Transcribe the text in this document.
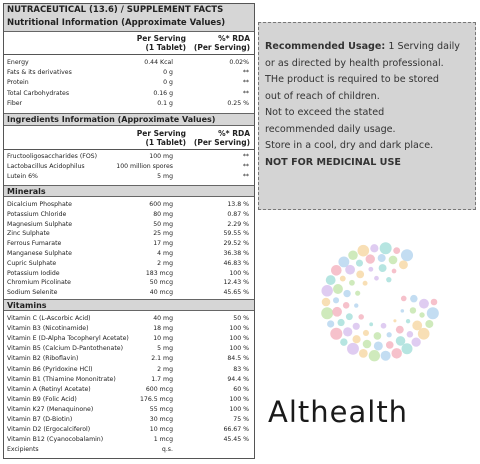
NUTRACEUTICAL (13.6) / SUPPLEMENT FACTS
Nutritional Information (Approximate Values)
Per Serving	%* RDA
(1 Tablet)	(Per Serving)
Energy	0.44 Kcal	0.02%
Fats & its derivatives	0 g	**
Protein	0 g	**
Total Carbohydrates	0.16 g	**
Fiber	0.1 g	0.25 %
Ingredients Information (Approximate Values)
Per Serving	%* RDA
(1 Tablet)	(Per Serving)
Fructooligosaccharides (FOS)	100 mg	**
Lactobacillus Acidophilus	100 million spores	**
Lutein 6%	5 mg	**
Minerals
Dicalcium Phosphate	600 mg	13.8 %
Potassium Chloride	80 mg	0.87 %
Magnesium Sulphate	50 mg	2.29 %
Zinc Sulphate	25 mg	59.55 %
Ferrous Fumarate	17 mg	29.52 %
Manganese Sulphate	4 mg	36.38 %
Cupric Sulphate	2 mg	46.83 %
Potassium Iodide	183 mcg	100 %
Chromium Picolinate	50 mcg	12.43 %
Sodium Selenite	40 mcg	45.65 %
Vitamins
Vitamin C (L-Ascorbic Acid)	40 mg	50 %
Vitamin B3 (Nicotinamide)	18 mg	100 %
Vitamin E (D-Alpha Tocopheryl Acetate)	10 mg	100 %
Vitamin B5 (Calcium D-Pantothenate)	5 mg	100 %
Vitamin B2 (Riboflavin)	2.1 mg	84.5 %
Vitamin B6 (Pyridoxine HCl)	2 mg	83 %
Vitamin B1 (Thiamine Mononitrate)	1.7 mg	94.4 %
Vitamin A (Retinyl Acetate)	600 mcg	60 %
Vitamin B9 (Folic Acid)	176.5 mcg	100 %
Vitamin K27 (Menaquinone)	55 mcg	100 %
Vitamin B7 (D-Biotin)	30 mcg	75 %
Vitamin D2 (Ergocalciferol)	10 mcg	66.67 %
Vitamin B12 (Cyanocobalamin)	1 mcg	45.45 %
Excipients	q.s.

Recommended Usage: 1 Serving daily

or as directed by health professional.

THe product is required to be stored

out of reach of children.

Not to exceed the stated

recommended daily usage.

Store in a cool, dry and dark place.

NOT FOR MEDICINAL USE

Althealth
